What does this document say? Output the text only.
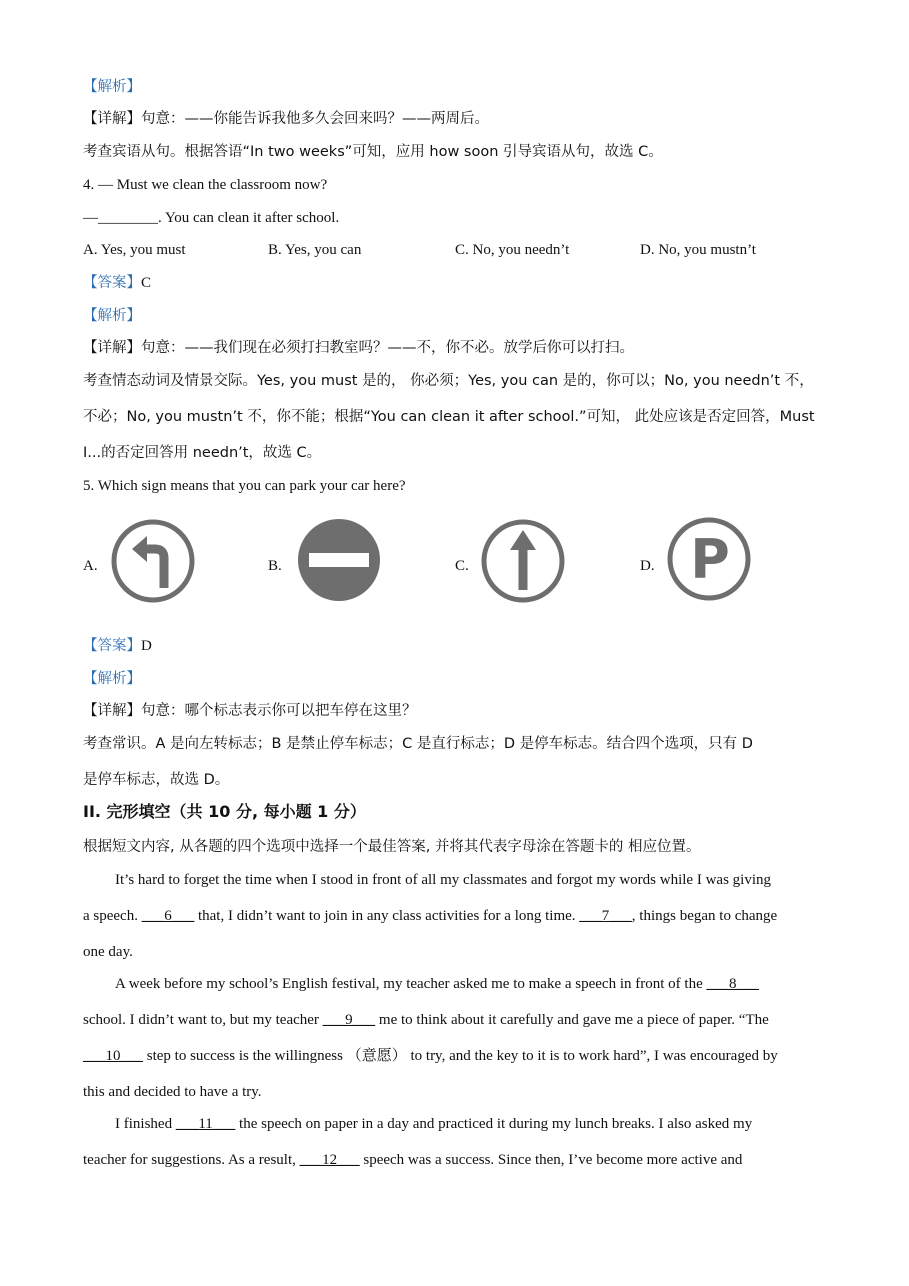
【解析】
【详解】句意：——你能告诉我他多久会回来吗？——两周后。
考查宾语从句。根据答语“In two weeks”可知，应用 how soon 引导宾语从句，故选 C。
4. — Must we clean the classroom now?
—________. You can clean it after school.
A. Yes, you must	B. Yes, you can	C. No, you needn’t	D. No, you mustn’t
【答案】C
【解析】
【详解】句意：——我们现在必须打扫教室吗？——不，你不必。放学后你可以打扫。
考查情态动词及情景交际。Yes, you must 是的， 你必须；Yes, you can 是的，你可以；No, you needn’t 不，
不必；No, you mustn’t 不，你不能；根据“You can clean it after school.”可知， 此处应该是否定回答，Must
I...的否定回答用 needn’t，故选 C。
5. Which sign means that you can park your car here?
A.	B.	C.	D. P
【答案】D
【解析】
【详解】句意：哪个标志表示你可以把车停在这里？
考查常识。A 是向左转标志；B 是禁止停车标志；C 是直行标志；D 是停车标志。结合四个选项，只有 D
是停车标志，故选 D。
II. 完形填空（共 10 分, 每小题 1 分）
根据短文内容, 从各题的四个选项中选择一个最佳答案, 并将其代表字母涂在答题卡的 相应位置。
It’s hard to forget the time when I stood in front of all my classmates and forgot my words while I was giving
a speech. ___6___ that, I didn’t want to join in any class activities for a long time. ___7___, things began to change
one day.
A week before my school’s English festival, my teacher asked me to make a speech in front of the ___8___
school. I didn’t want to, but my teacher ___9___ me to think about it carefully and gave me a piece of paper. “The
___10___ step to success is the willingness （意愿） to try, and the key to it is to work hard”, I was encouraged by
this and decided to have a try.
I finished ___11___ the speech on paper in a day and practiced it during my lunch breaks. I also asked my
teacher for suggestions. As a result, ___12___ speech was a success. Since then, I’ve become more active and
